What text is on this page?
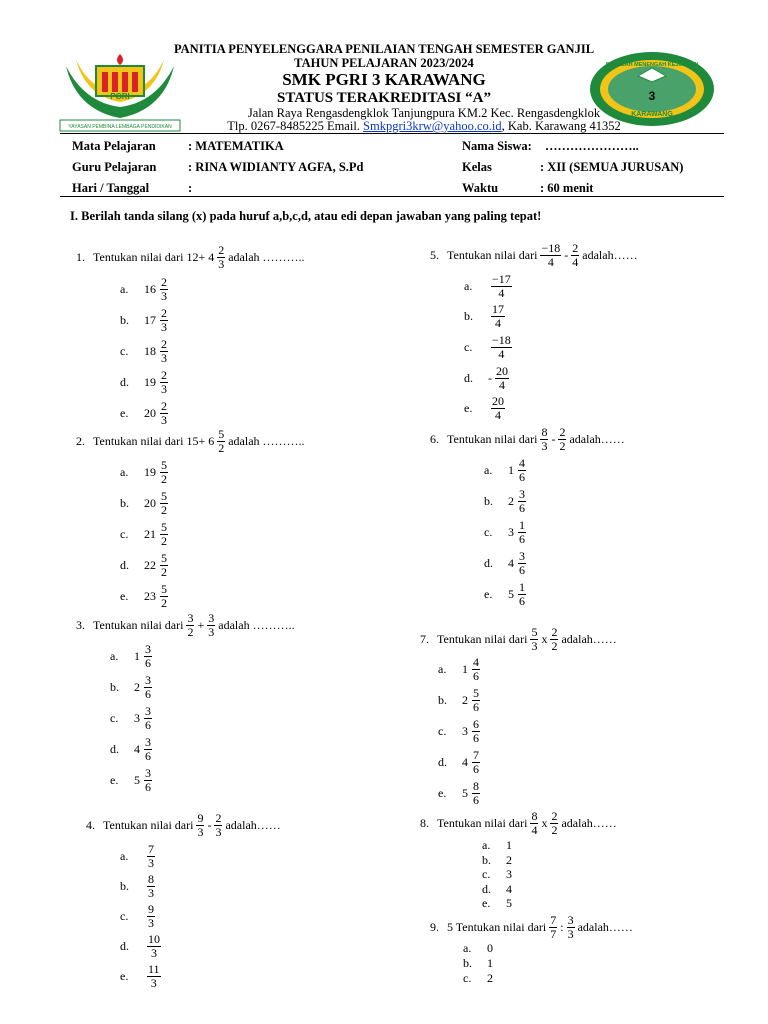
PANITIA PENYELENGGARA PENILAIAN TENGAH SEMESTER GANJIL
TAHUN PELAJARAN 2023/2024
SMK PGRI 3 KARAWANG
STATUS TERAKREDITASI “A”
Jalan Raya Rengasdengklok Tanjungpura KM.2 Kec. Rengasdengklok
Tlp. 0267-8485225 Email. Smkpgri3krw@yahoo.co.id, Kab. Karawang 41352
PGRI
YAYASAN PEMBINA LEMBAGA PENDIDIKAN
SEKOLAH MENENGAH KEJURUAN
3
KARAWANG
Mata Pelajaran	: MATEMATIKA
Guru Pelajaran	: RINA WIDIANTY AGFA, S.Pd
Hari / Tanggal	:
Nama Siswa: …………………..
Kelas	: XII (SEMUA JURUSAN)
Waktu	: 60 menit
I. Berilah tanda silang (x) pada huruf a,b,c,d, atau edi depan jawaban yang paling tepat!
1. Tentukan nilai dari $12+ 4 \frac{2}{3}$ adalah ………..
a.	$16 \frac{2}{3}$
b.	$17 \frac{2}{3}$
c.	$18 \frac{2}{3}$
d.	$19 \frac{2}{3}$
e.	$20 \frac{2}{3}$
2. Tentukan nilai dari $15+ 6 \frac{5}{2}$ adalah ………..
a.	$19 \frac{5}{2}$
b.	$20 \frac{5}{2}$
c.	$21 \frac{5}{2}$
d.	$22 \frac{5}{2}$
e.	$23 \frac{5}{2}$
3. Tentukan nilai dari $\frac{3}{2} + \frac{3}{3}$ adalah ………..
a.	$1 \frac{3}{6}$
b.	$2 \frac{3}{6}$
c.	$3 \frac{3}{6}$
d.	$4 \frac{3}{6}$
e.	$5 \frac{3}{6}$
4. Tentukan nilai dari $\frac{9}{3} - \frac{2}{3}$ adalah……
a.	$\frac{7}{3}$
b.	$\frac{8}{3}$
c.	$\frac{9}{3}$
d.	$\frac{10}{3}$
e.	$\frac{11}{3}$
5. Tentukan nilai dari $\frac{-18}{4} - \frac{2}{4}$ adalah……
a.	$\frac{-17}{4}$
b.	$\frac{17}{4}$
c.	$\frac{-18}{4}$
d.	- $\frac{20}{4}$
e.	$\frac{20}{4}$
6. Tentukan nilai dari $\frac{8}{3} - \frac{2}{2}$ adalah……
a.	$1 \frac{4}{6}$
b.	$2 \frac{3}{6}$
c.	$3 \frac{1}{6}$
d.	$4 \frac{3}{6}$
e.	$5 \frac{1}{6}$
7. Tentukan nilai dari $\frac{5}{3}$ x $\frac{2}{2}$ adalah……
a.	$1 \frac{4}{6}$
b.	$2 \frac{5}{6}$
c.	$3 \frac{6}{6}$
d.	$4 \frac{7}{6}$
e.	$5 \frac{8}{6}$
8. Tentukan nilai dari $\frac{8}{4}$ x $\frac{2}{2}$ adalah……
a.	1
b.	2
c.	3
d.	4
e.	5
9. 5 Tentukan nilai dari $\frac{7}{7}$ : $\frac{3}{3}$ adalah……
a.	0
b.	1
c.	2
